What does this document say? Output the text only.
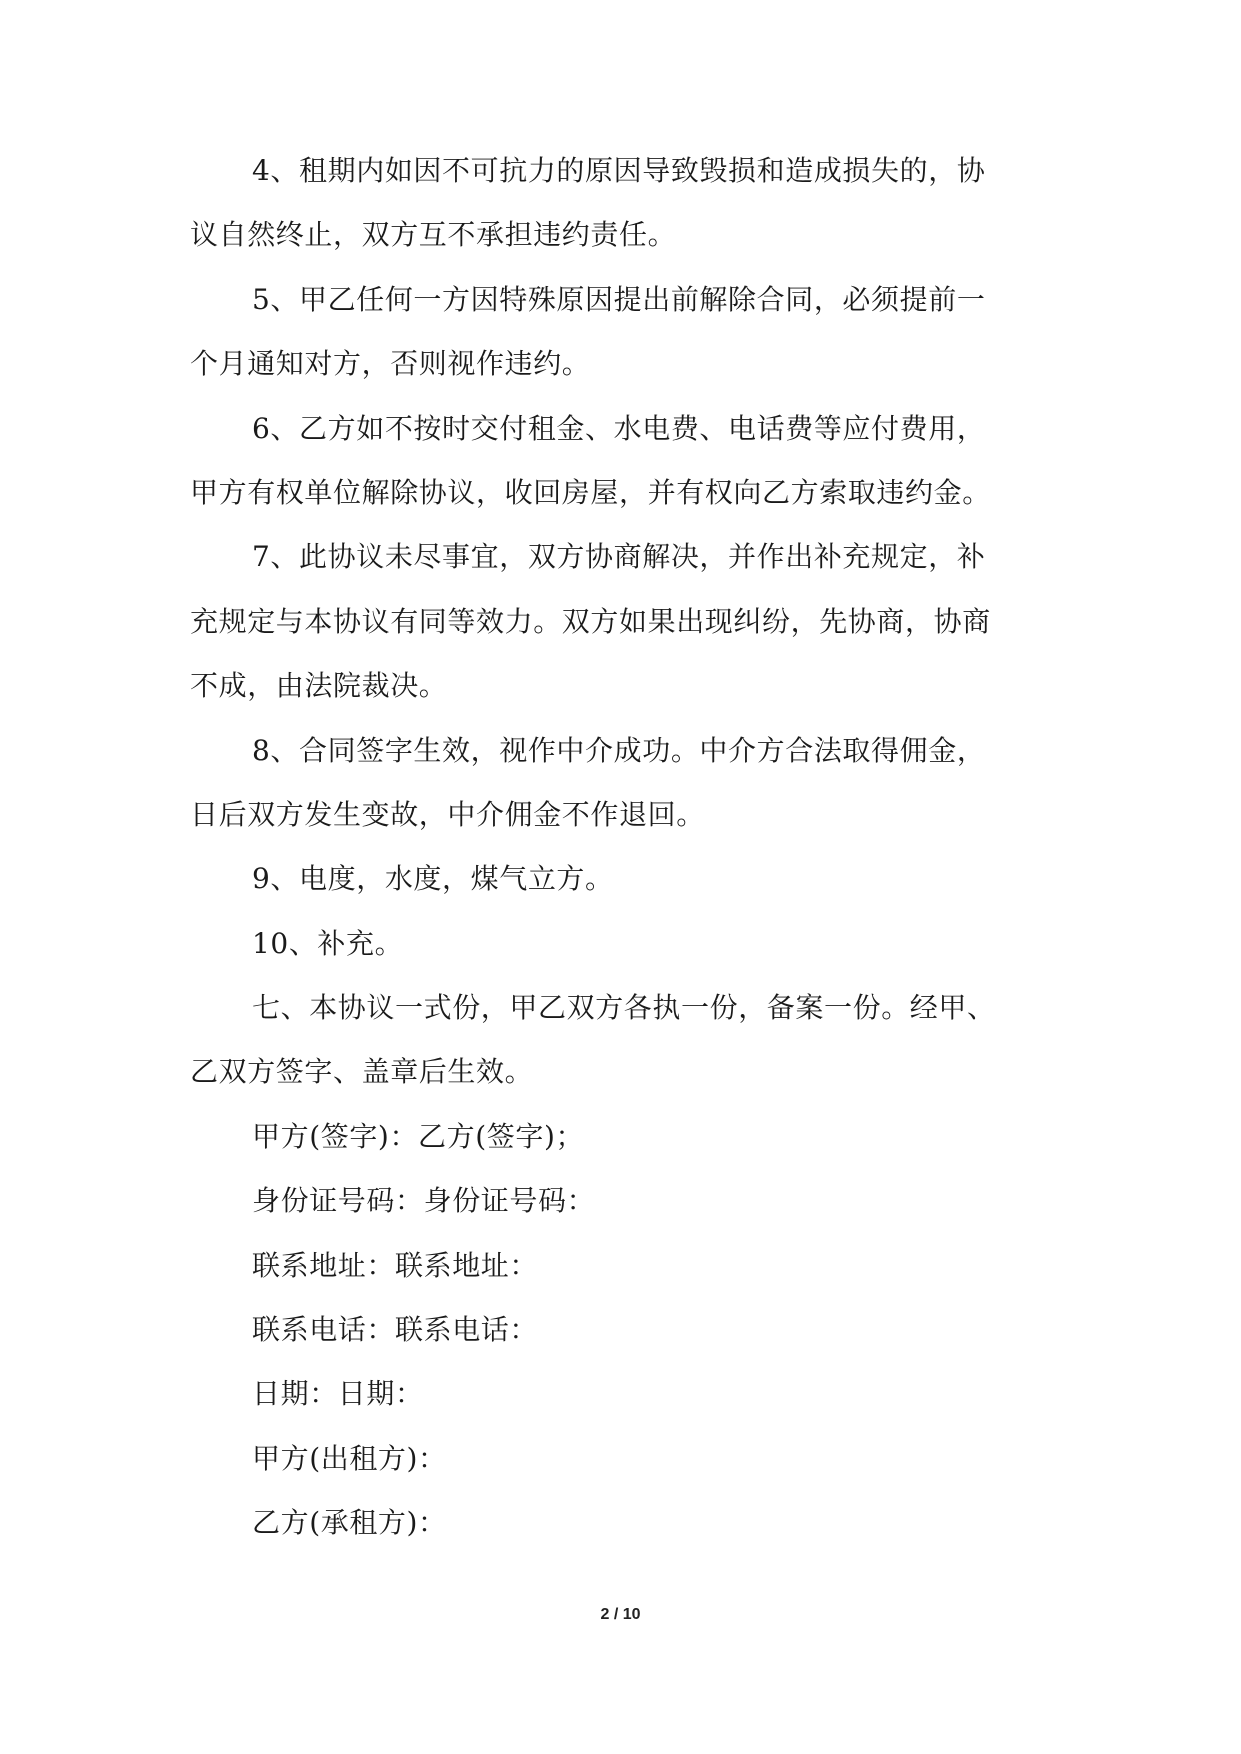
4、租期内如因不可抗力的原因导致毁损和造成损失的，协
议自然终止，双方互不承担违约责任。
5、甲乙任何一方因特殊原因提出前解除合同，必须提前一
个月通知对方，否则视作违约。
6、乙方如不按时交付租金、水电费、电话费等应付费用，
甲方有权单位解除协议，收回房屋，并有权向乙方索取违约金。
7、此协议未尽事宜，双方协商解决，并作出补充规定，补
充规定与本协议有同等效力。双方如果出现纠纷，先协商，协商
不成，由法院裁决。
8、合同签字生效，视作中介成功。中介方合法取得佣金，
日后双方发生变故，中介佣金不作退回。
9、电度，水度，煤气立方。
10、补充。
七、本协议一式份，甲乙双方各执一份，备案一份。经甲、
乙双方签字、盖章后生效。
甲方(签字)：乙方(签字)；
身份证号码：身份证号码：
联系地址：联系地址：
联系电话：联系电话：
日期：日期：
甲方(出租方)：
乙方(承租方)：
2 / 10
